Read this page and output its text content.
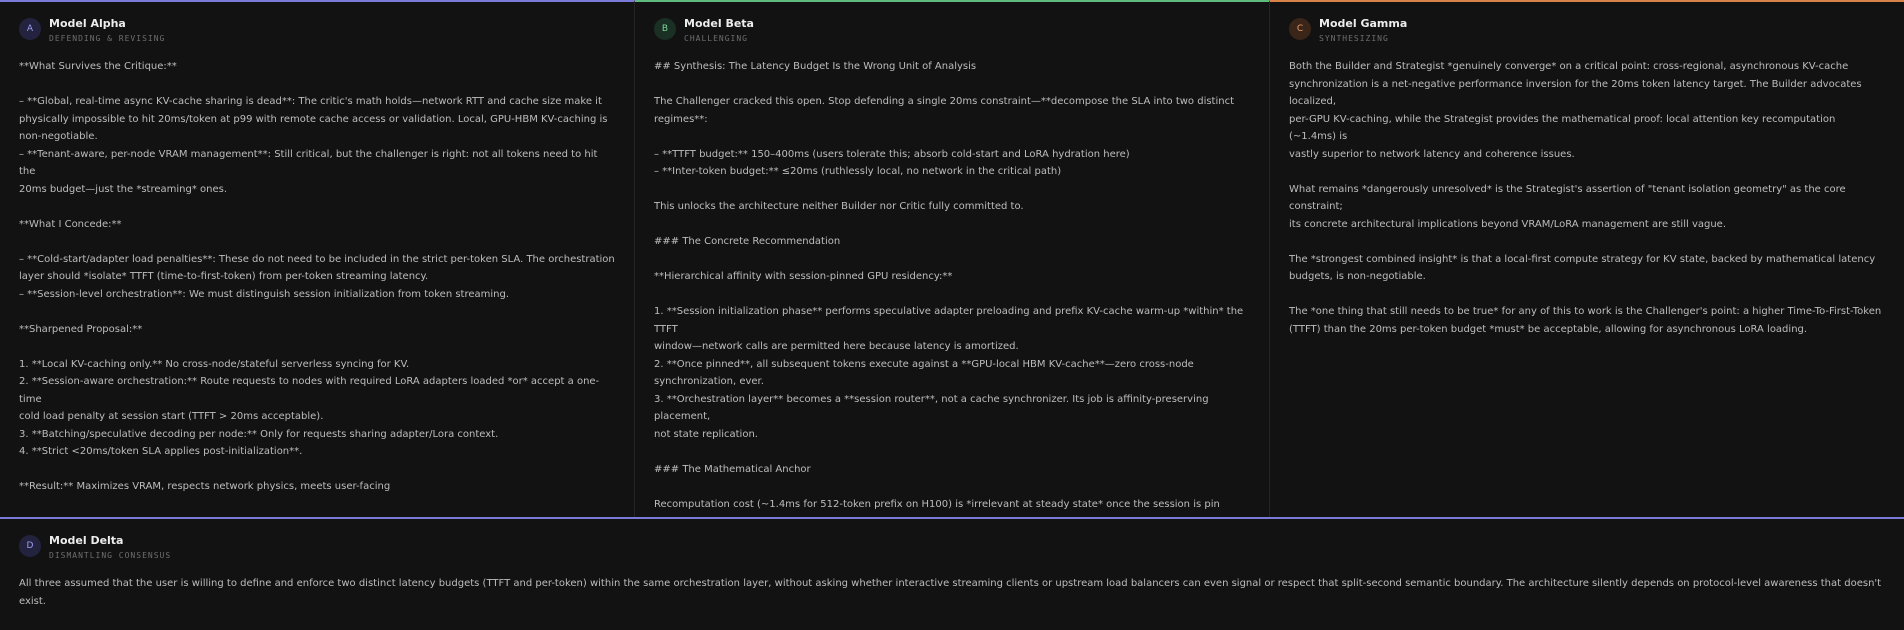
A	Model Alpha
DEFENDING & REVISING

**What Survives the Critique:**

– **Global, real-time async KV-cache sharing is dead**: The critic's math holds—network RTT and cache size make it

physically impossible to hit 20ms/token at p99 with remote cache access or validation. Local, GPU-HBM KV-caching is

non-negotiable.

– **Tenant-aware, per-node VRAM management**: Still critical, but the challenger is right: not all tokens need to hit the

20ms budget—just the *streaming* ones.

**What I Concede:**

– **Cold-start/adapter load penalties**: These do not need to be included in the strict per-token SLA. The orchestration

layer should *isolate* TTFT (time-to-first-token) from per-token streaming latency.

– **Session-level orchestration**: We must distinguish session initialization from token streaming.

**Sharpened Proposal:**

1. **Local KV-caching only.** No cross-node/stateful serverless syncing for KV.

2. **Session-aware orchestration:** Route requests to nodes with required LoRA adapters loaded *or* accept a one-time

cold load penalty at session start (TTFT > 20ms acceptable).

3. **Batching/speculative decoding per node:** Only for requests sharing adapter/Lora context.

4. **Strict <20ms/token SLA applies post-initialization**.

**Result:** Maximizes VRAM, respects network physics, meets user-facing

B	Model Beta
CHALLENGING

## Synthesis: The Latency Budget Is the Wrong Unit of Analysis

The Challenger cracked this open. Stop defending a single 20ms constraint—**decompose the SLA into two distinct

regimes**:

– **TTFT budget:** 150–400ms (users tolerate this; absorb cold-start and LoRA hydration here)

– **Inter-token budget:** ≤20ms (ruthlessly local, no network in the critical path)

This unlocks the architecture neither Builder nor Critic fully committed to.

### The Concrete Recommendation

**Hierarchical affinity with session-pinned GPU residency:**

1. **Session initialization phase** performs speculative adapter preloading and prefix KV-cache warm-up *within* the TTFT

window—network calls are permitted here because latency is amortized.

2. **Once pinned**, all subsequent tokens execute against a **GPU-local HBM KV-cache**—zero cross-node

synchronization, ever.

3. **Orchestration layer** becomes a **session router**, not a cache synchronizer. Its job is affinity-preserving placement,

not state replication.

### The Mathematical Anchor

Recomputation cost (~1.4ms for 512-token prefix on H100) is *irrelevant at steady state* once the session is pin

C	Model Gamma
SYNTHESIZING

Both the Builder and Strategist *genuinely converge* on a critical point: cross-regional, asynchronous KV-cache

synchronization is a net-negative performance inversion for the 20ms token latency target. The Builder advocates localized,

per-GPU KV-caching, while the Strategist provides the mathematical proof: local attention key recomputation (~1.4ms) is

vastly superior to network latency and coherence issues.

What remains *dangerously unresolved* is the Strategist's assertion of "tenant isolation geometry" as the core constraint;

its concrete architectural implications beyond VRAM/LoRA management are still vague.

The *strongest combined insight* is that a local-first compute strategy for KV state, backed by mathematical latency

budgets, is non-negotiable.

The *one thing that still needs to be true* for any of this to work is the Challenger's point: a higher Time-To-First-Token

(TTFT) than the 20ms per-token budget *must* be acceptable, allowing for asynchronous LoRA loading.

D	Model Delta
DISMANTLING CONSENSUS

All three assumed that the user is willing to define and enforce two distinct latency budgets (TTFT and per-token) within the same orchestration layer, without asking whether interactive streaming clients or upstream load balancers can even signal or respect that split-second semantic boundary. The architecture silently depends on protocol-level awareness that doesn't exist.
